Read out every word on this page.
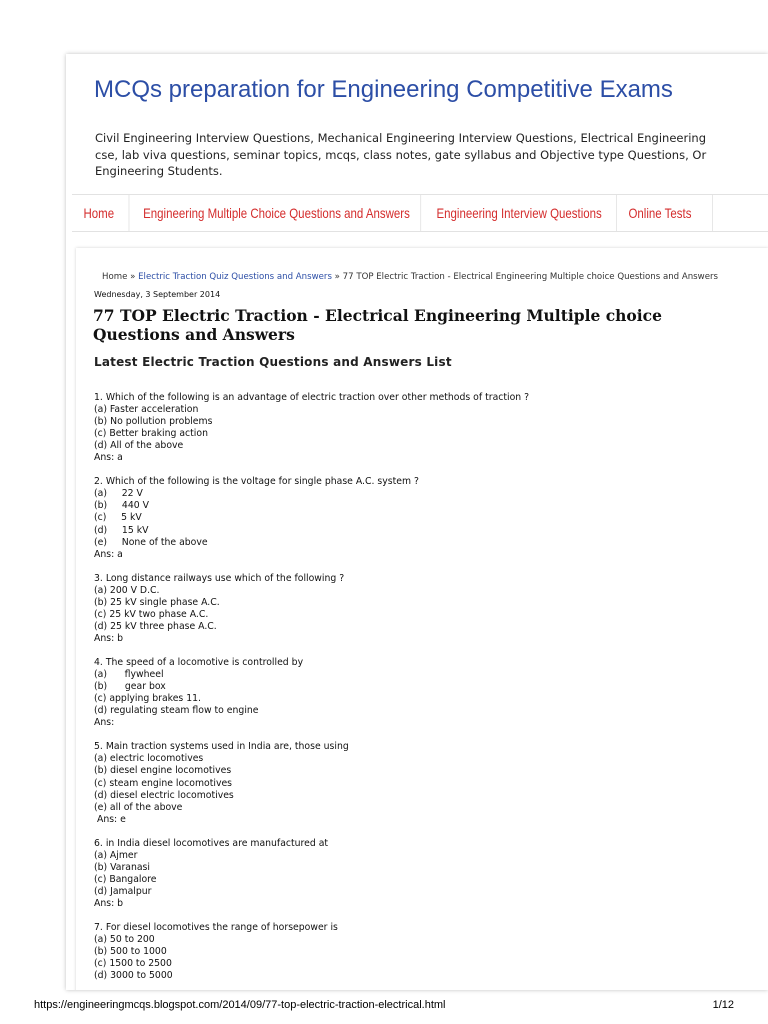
MCQs preparation for Engineering Competitive Exams
Civil Engineering Interview Questions, Mechanical Engineering Interview Questions, Electrical Engineering
cse, lab viva questions, seminar topics, mcqs, class notes, gate syllabus and Objective type Questions, Or
Engineering Students.
Home	Engineering Multiple Choice Questions and Answers	Engineering Interview Questions	Online Tests
Home » Electric Traction Quiz Questions and Answers » 77 TOP Electric Traction - Electrical Engineering Multiple choice Questions and Answers
Wednesday, 3 September 2014
77 TOP Electric Traction - Electrical Engineering Multiple choice Questions and Answers
Latest Electric Traction Questions and Answers List
1. Which of the following is an advantage of electric traction over other methods of traction ?
(a) Faster acceleration
(b) No pollution problems
(c) Better braking action
(d) All of the above
Ans: a
2. Which of the following is the voltage for single phase A.C. system ?
(a)     22 V
(b)     440 V
(c)     5 kV
(d)     15 kV
(e)     None of the above
Ans: a
3. Long distance railways use which of the following ?
(a) 200 V D.C.
(b) 25 kV single phase A.C.
(c) 25 kV two phase A.C.
(d) 25 kV three phase A.C.
Ans: b
4. The speed of a locomotive is controlled by
(a)      flywheel
(b)      gear box
(c) applying brakes 11.
(d) regulating steam flow to engine
Ans:
5. Main traction systems used in India are, those using
(a) electric locomotives
(b) diesel engine locomotives
(c) steam engine locomotives
(d) diesel electric locomotives
(e) all of the above
Ans: e
6. in India diesel locomotives are manufactured at
(a) Ajmer
(b) Varanasi
(c) Bangalore
(d) Jamalpur
Ans: b
7. For diesel locomotives the range of horsepower is
(a) 50 to 200
(b) 500 to 1000
(c) 1500 to 2500
(d) 3000 to 5000
https://engineeringmcqs.blogspot.com/2014/09/77-top-electric-traction-electrical.html	1/12
